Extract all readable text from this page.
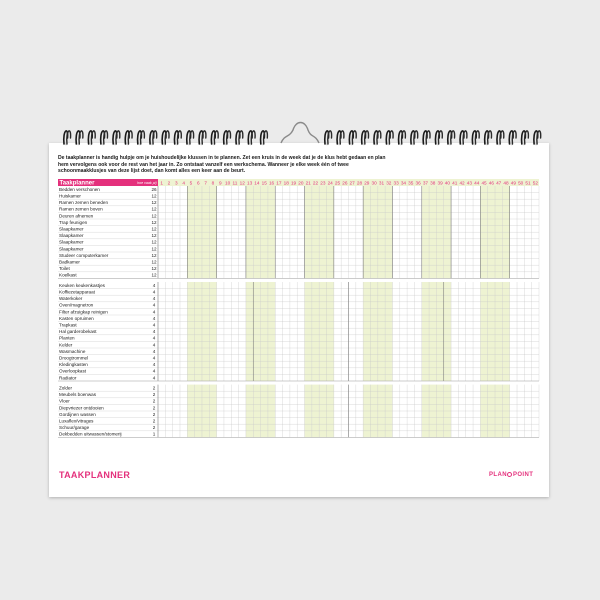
De taakplanner is handig hulpje om je huishoudelijke klussen in te plannen. Zet een kruis in de week dat je de klus hebt gedaan en plan hem vervolgens ook voor de rest van het jaar in. Zo ontstaat vanzelf een werkschema. Wanneer je elke week één of twee schoonmaakklusjes van deze lijst doet, dan komt alles een keer aan de beurt.

Taakplanner	hoe vaak p/j 1 2 3 4 5 6 7 8 9 10 11 12 13 14 15 16 17 18 19 20 21 22 23 24 25 26 27 28 29 30 31 32 33 34 35 36 37 38 39 40 41 42 43 44 45 46 47 48 49 50 51 52
Bedden verschonen	26
Huiskamer	12
Ramen zemen beneden	12
Ramen zemen boven	12
Deuren afnemen	12
Trap feunigen	12
Slaapkamer	12
Slaapkamer	12
Slaapkamer	12
Slaapkamer	12
Studeer computerkamer	12
Badkamer	12
Toilet	12
Koelkast	12
Keuken keukenkastjes	4
Koffiezetapparaat	4
Waterkoker	4
Oven/magnetron	4
Filter afzuigkap reinigen	4
Kasten opruimen	4
Trapkast	4
Hal garderobekast	4
Planten	4
Kelder	4
Wasmachine	4
Droogtrommel	4
Kledingkasten	4
Overloopkast	4
Radiator	4
Zolder	2
Meubels boenwas	2
Vloer	2
Diepvriezer ontdooien	2
Gordijnen wassen	2
Luxaflex/vitrages	2
Schuur/garage	2
Dekbedden uitwassen/stomerij	1
TAAKPLANNER	PLAN POINT
